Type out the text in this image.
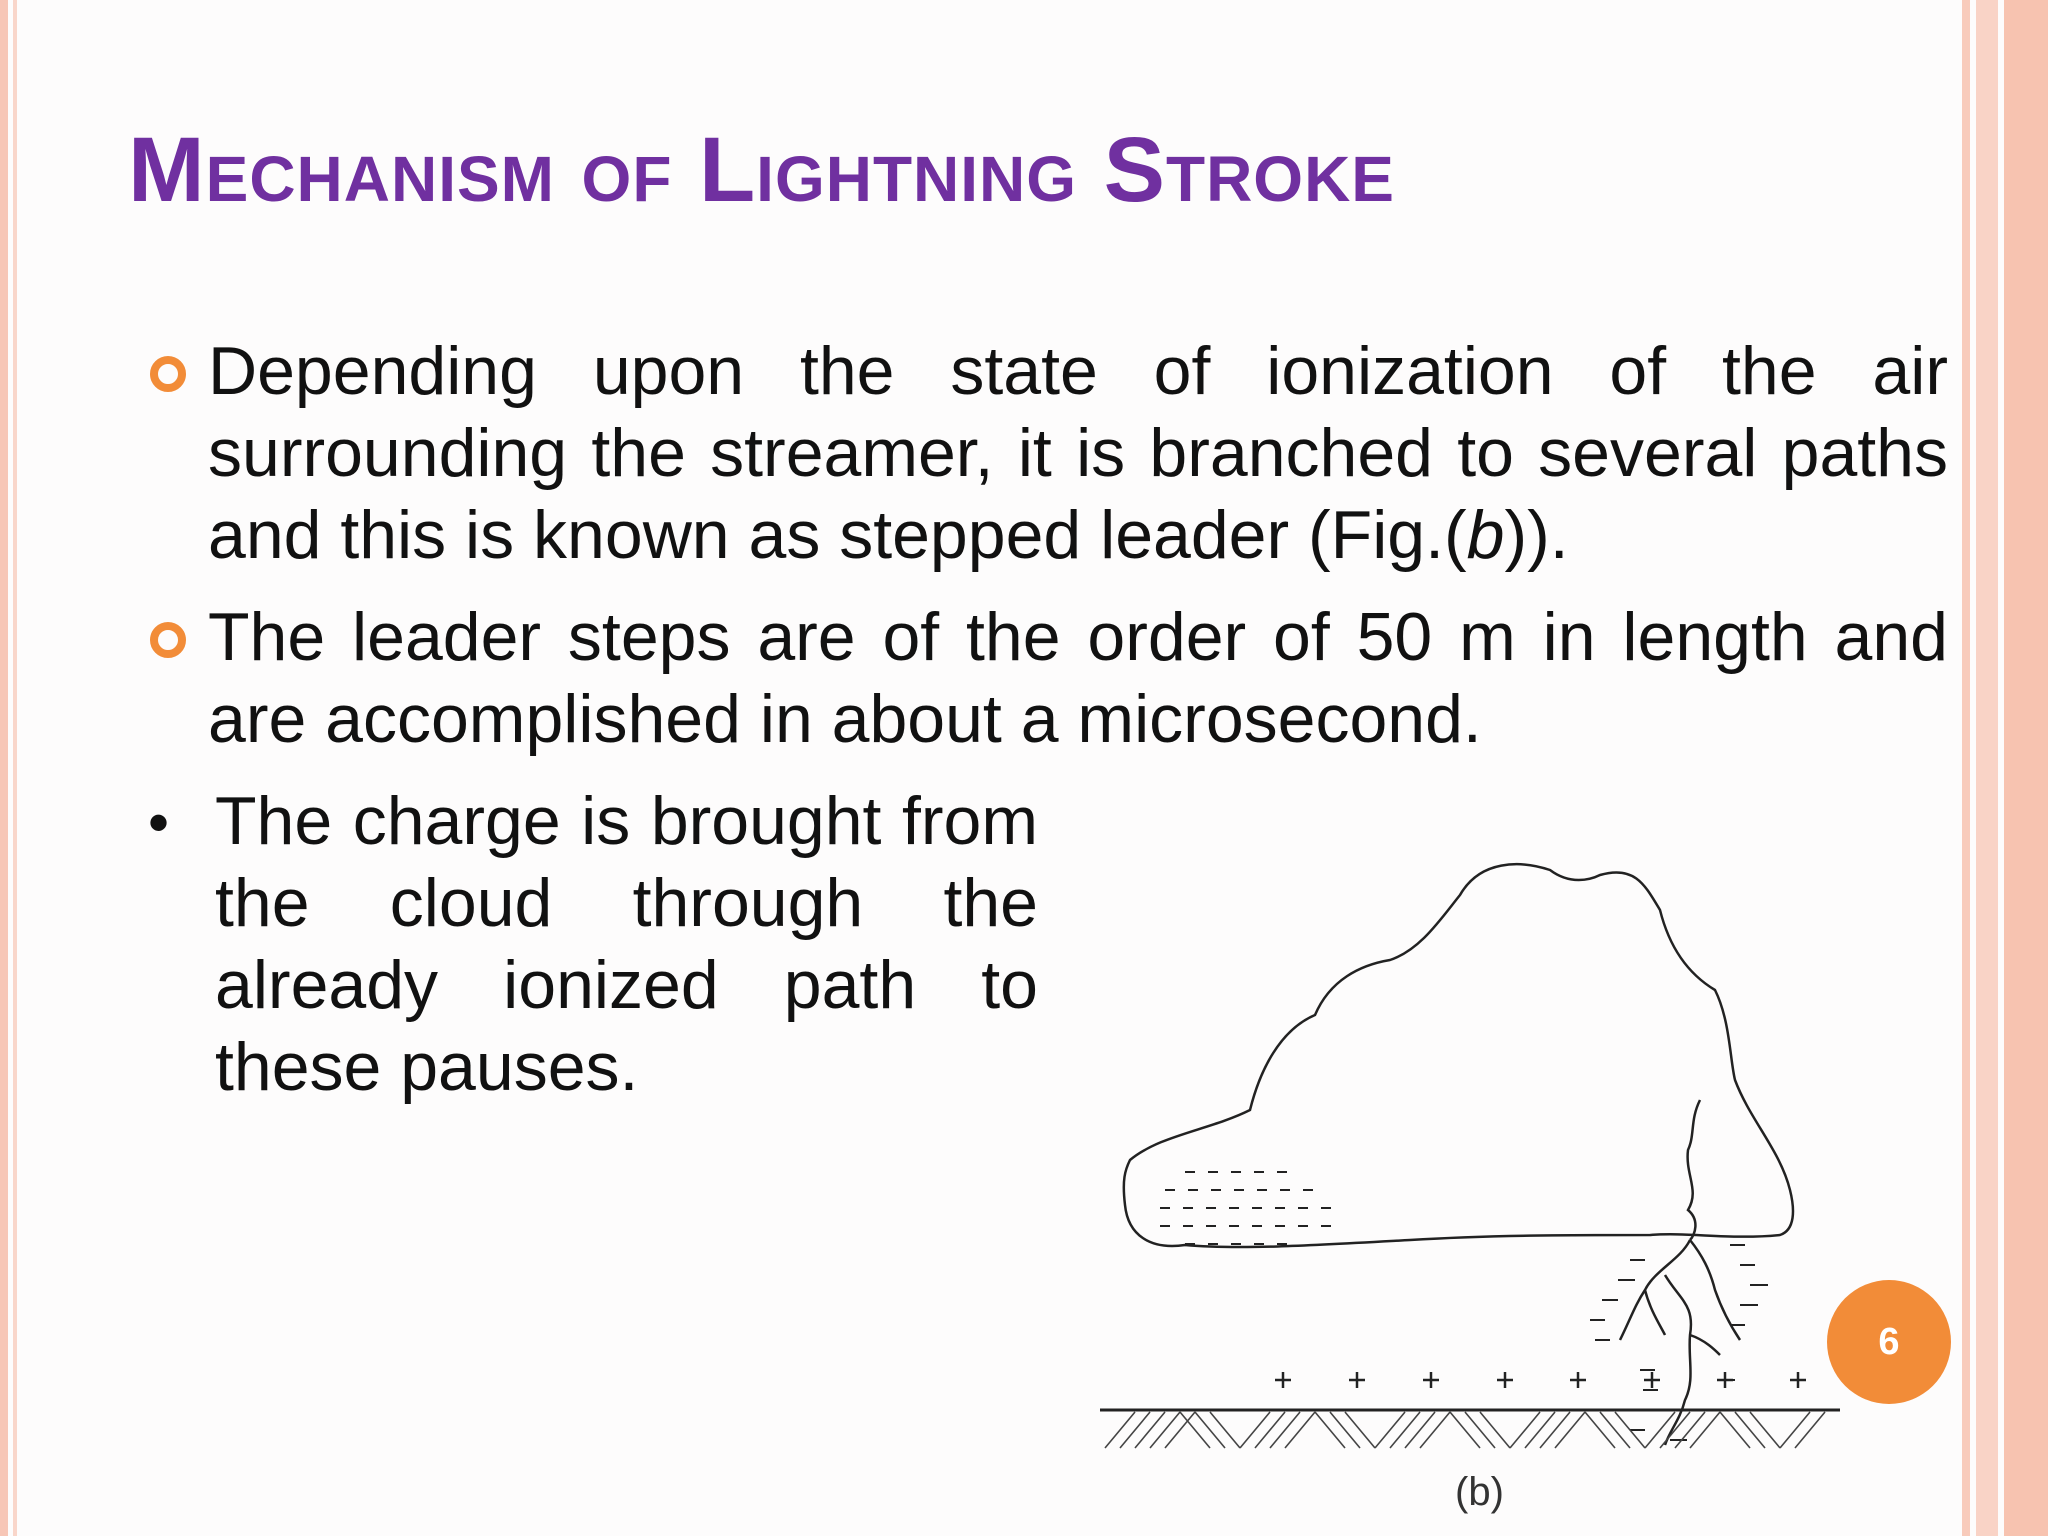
Mechanism of Lightning Stroke
Depending upon the state of ionization of the air surrounding the streamer, it is branched to several paths and this is known as stepped leader (Fig.(b)).
The leader steps are of the order of 50 m in length and are accomplished in about a microsecond.
• The charge is brought from the cloud through the already ionized path to these pauses.
(b)
6
